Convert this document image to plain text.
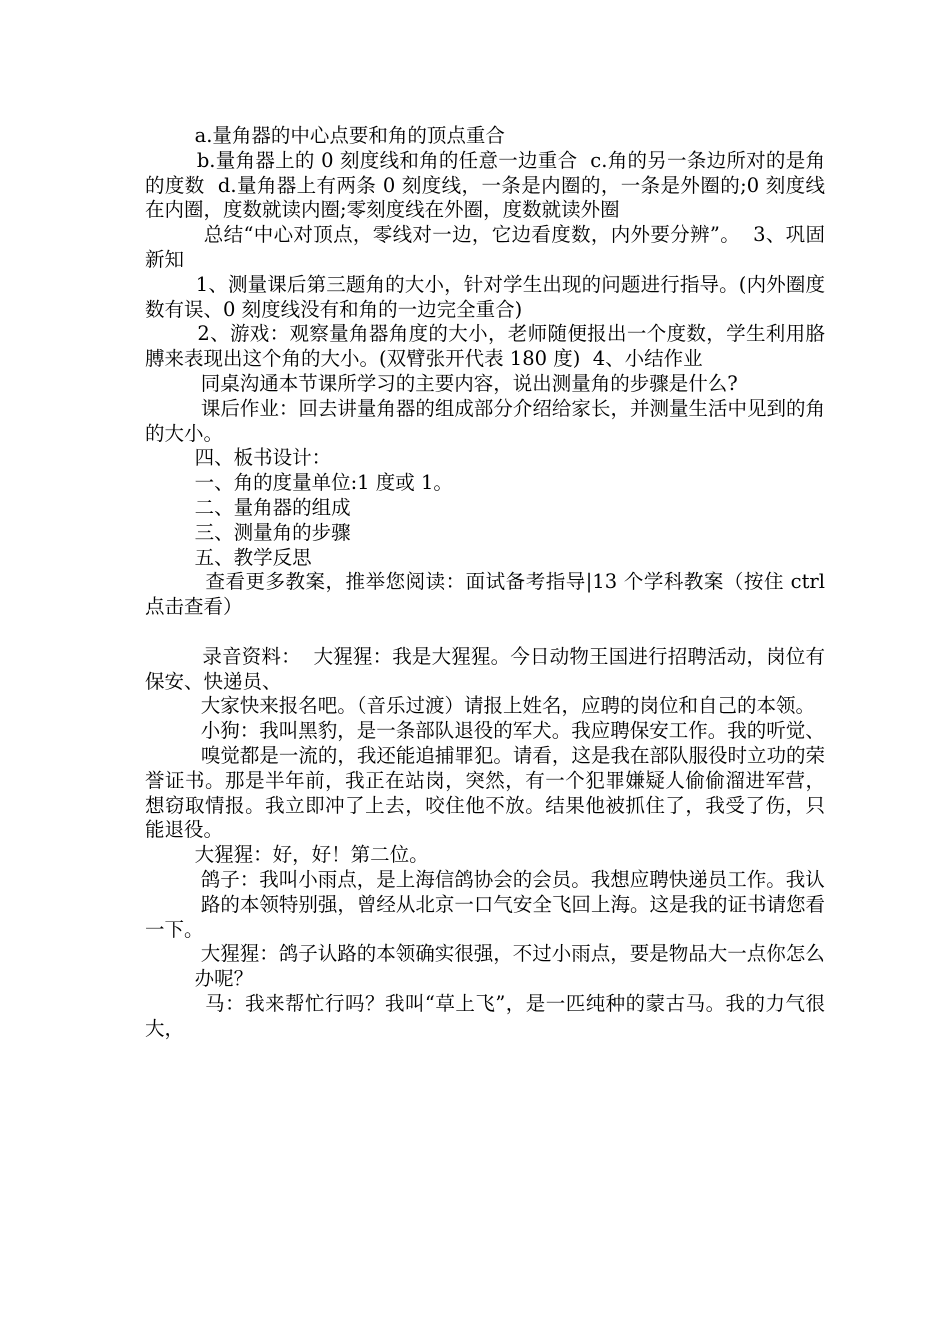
a.量角器的中心点要和角的顶点重合

b.量角器上的 0 刻度线和角的任意一边重合  c.角的另一条边所对的是角的度数  d.量角器上有两条 0 刻度线，一条是内圈的，一条是外圈的;0 刻度线在内圈，度数就读内圈;零刻度线在外圈，度数就读外圈

总结“中心对顶点，零线对一边，它边看度数，内外要分辨”。  3、巩固新知

1、测量课后第三题角的大小，针对学生出现的问题进行指导。(内外圈度数有误、0 刻度线没有和角的一边完全重合)

2、游戏：观察量角器角度的大小，老师随便报出一个度数，学生利用胳膊来表现出这个角的大小。(双臂张开代表 180 度)  4、小结作业

同桌沟通本节课所学习的主要内容，说出测量角的步骤是什么?

课后作业：回去讲量角器的组成部分介绍给家长，并测量生活中见到的角的大小。

四、板书设计：

一、角的度量单位:1 度或 1。

二、量角器的组成

三、测量角的步骤

五、教学反思

查看更多教案，推举您阅读：面试备考指导|13 个学科教案（按住 ctrl 点击查看）

录音资料：  大猩猩：我是大猩猩。今日动物王国进行招聘活动，岗位有保安、快递员、

大家快来报名吧。（音乐过渡）请报上姓名，应聘的岗位和自己的本领。

小狗：我叫黑豹，是一条部队退役的军犬。我应聘保安工作。我的听觉、

嗅觉都是一流的，我还能追捕罪犯。请看，这是我在部队服役时立功的荣誉证书。那是半年前，我正在站岗，突然，有一个犯罪嫌疑人偷偷溜进军营，想窃取情报。我立即冲了上去，咬住他不放。结果他被抓住了，我受了伤，只能退役。

大猩猩：好，好！第二位。

鸽子：我叫小雨点，是上海信鸽协会的会员。我想应聘快递员工作。我认

路的本领特别强，曾经从北京一口气安全飞回上海。这是我的证书请您看一下。

大猩猩：鸽子认路的本领确实很强，不过小雨点，要是物品大一点你怎么

办呢？

马：我来帮忙行吗？我叫“草上飞”，是一匹纯种的蒙古马。我的力气很大，
